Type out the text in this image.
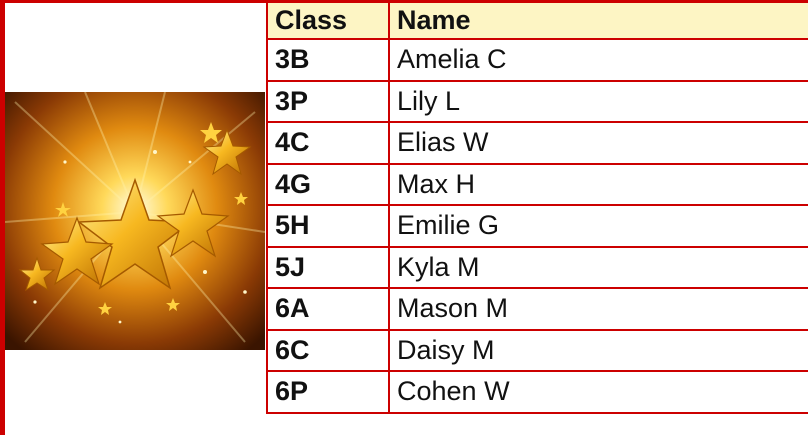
Class	Name
3B	Amelia C
3P	Lily L
4C	Elias W
4G	Max H
5H	Emilie G
5J	Kyla M
6A	Mason M
6C	Daisy M
6P	Cohen W
